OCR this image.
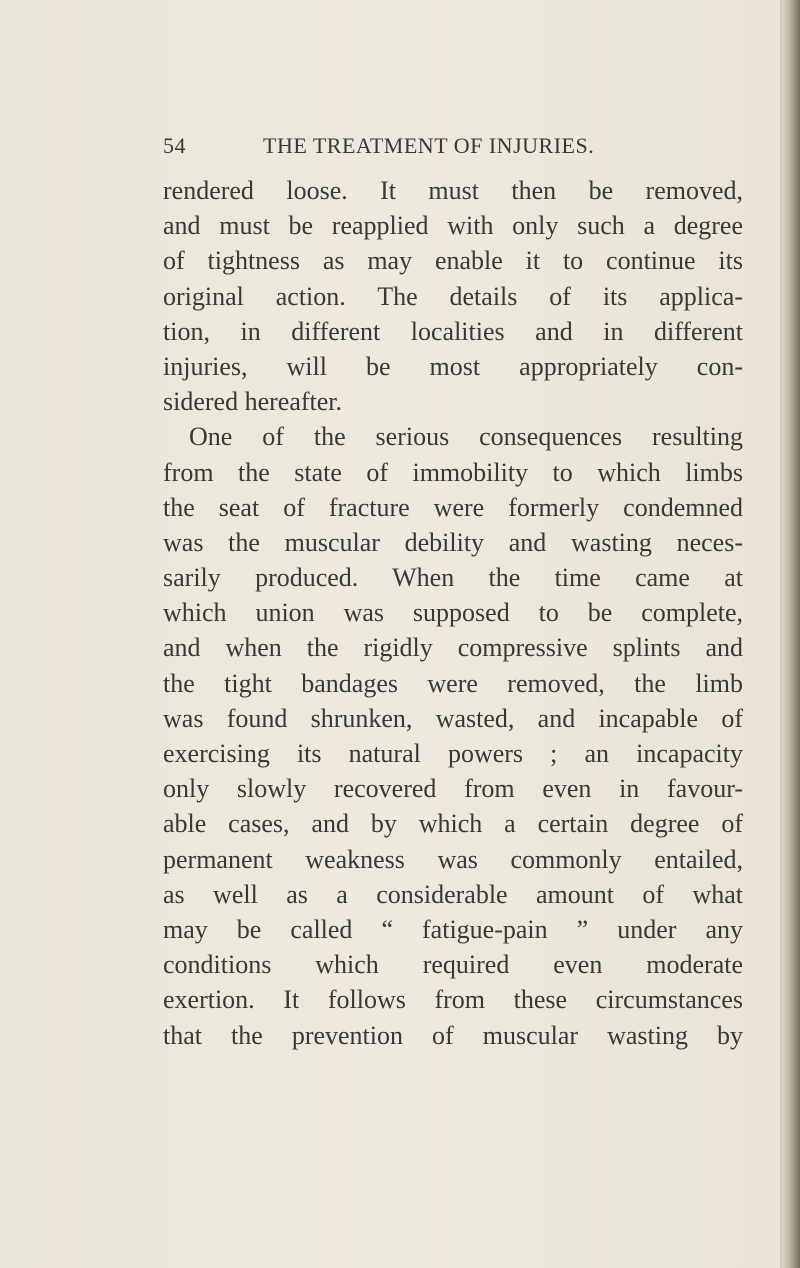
54	THE TREATMENT OF INJURIES.
rendered loose. It must then be removed,
and must be reapplied with only such a degree
of tightness as may enable it to continue its
original action. The details of its applica-
tion, in different localities and in different
injuries, will be most appropriately con-
sidered hereafter.
One of the serious consequences resulting
from the state of immobility to which limbs
the seat of fracture were formerly condemned
was the muscular debility and wasting neces-
sarily produced. When the time came at
which union was supposed to be complete,
and when the rigidly compressive splints and
the tight bandages were removed, the limb
was found shrunken, wasted, and incapable of
exercising its natural powers ; an incapacity
only slowly recovered from even in favour-
able cases, and by which a certain degree of
permanent weakness was commonly entailed,
as well as a considerable amount of what
may be called “ fatigue-pain ” under any
conditions which required even moderate
exertion. It follows from these circumstances
that the prevention of muscular wasting by
